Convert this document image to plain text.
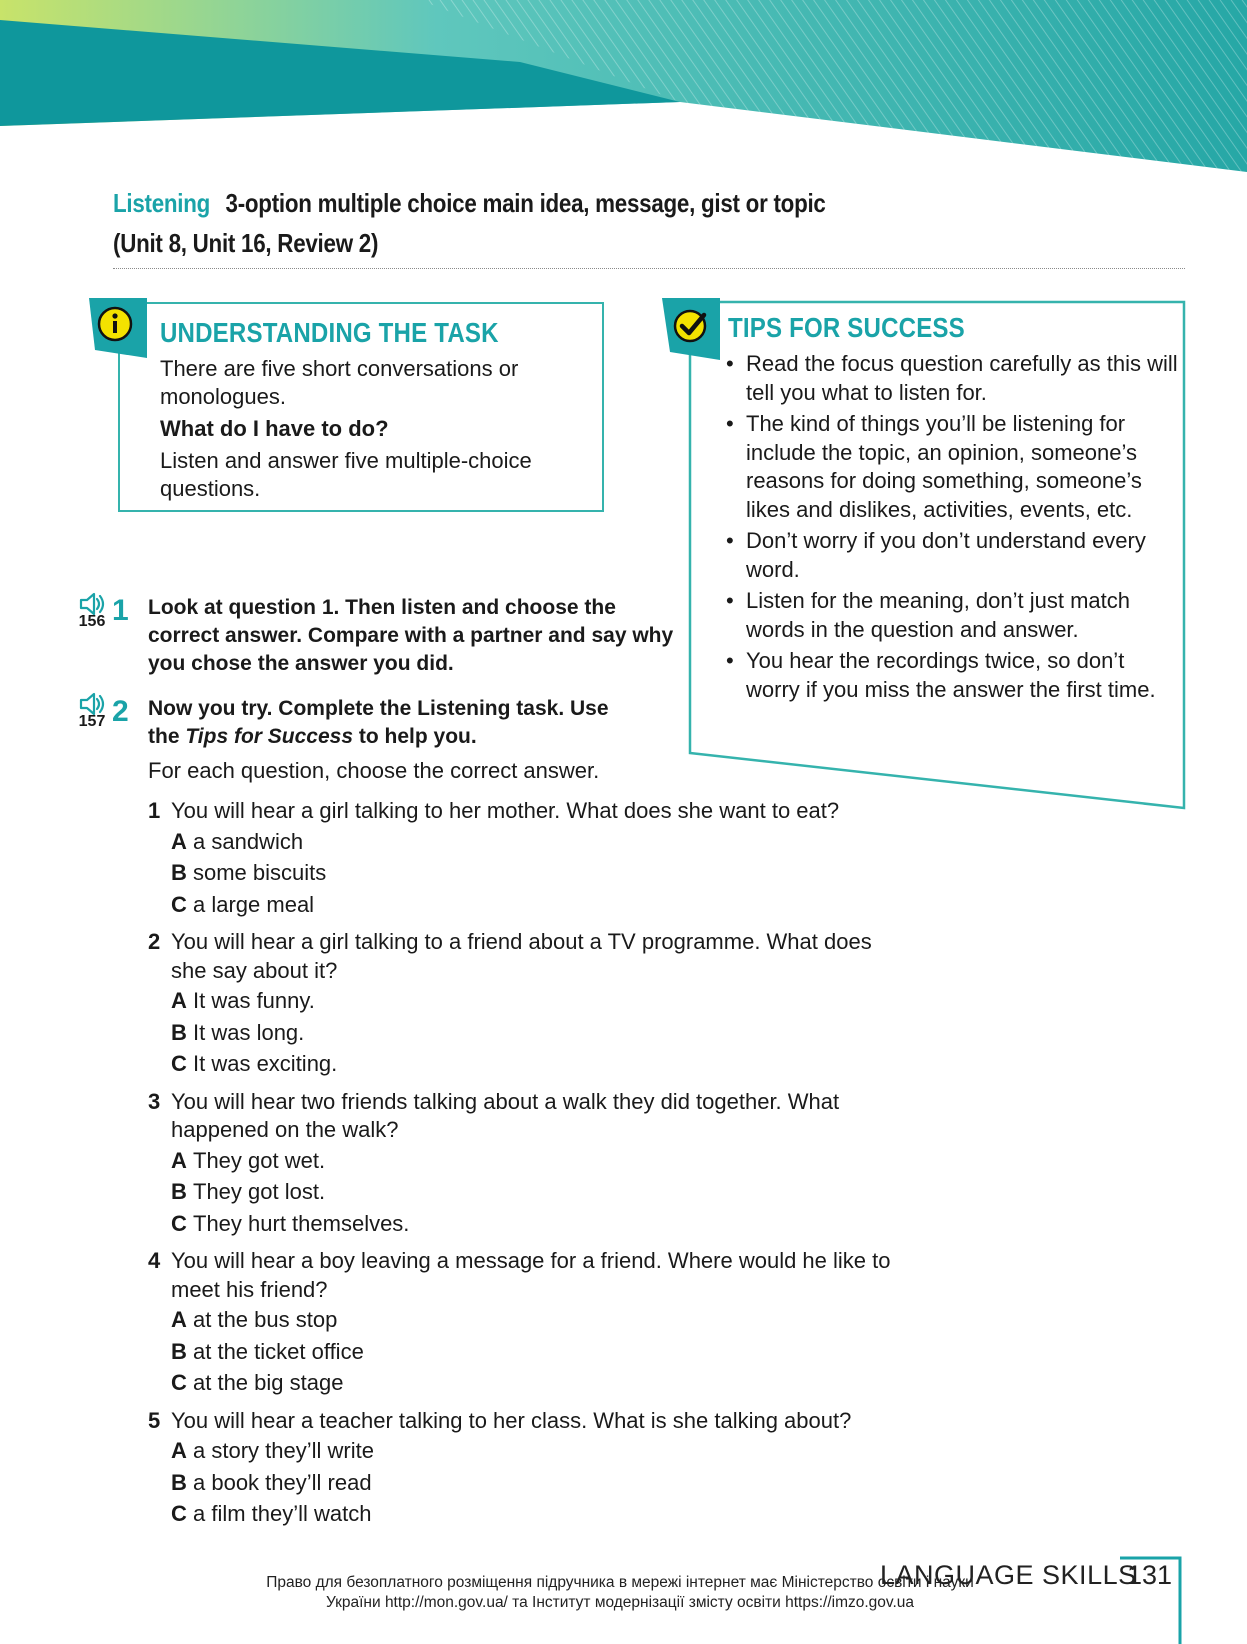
Listening 3-option multiple choice main idea, message, gist or topic
(Unit 8, Unit 16, Review 2)
UNDERSTANDING THE TASK

There are five short conversations or monologues.

What do I have to do?

Listen and answer five multiple-choice questions.

TIPS FOR SUCCESS
• Read the focus question carefully as this will tell you what to listen for.
• The kind of things you’ll be listening for include the topic, an opinion, someone’s reasons for doing something, someone’s likes and dislikes, activities, events, etc.
• Don’t worry if you don’t understand every word.
• Listen for the meaning, don’t just match words in the question and answer.
• You hear the recordings twice, so don’t worry if you miss the answer the first time.
156 1 Look at question 1. Then listen and choose the correct answer. Compare with a partner and say why you chose the answer you did.
157 2 Now you try. Complete the Listening task. Use the Tips for Success to help you.
For each question, choose the correct answer.
1 You will hear a girl talking to her mother. What does she want to eat?
A a sandwich
B some biscuits
C a large meal
2 You will hear a girl talking to a friend about a TV programme. What does she say about it?
A It was funny.
B It was long.
C It was exciting.
3 You will hear two friends talking about a walk they did together. What happened on the walk?
A They got wet.
B They got lost.
C They hurt themselves.
4 You will hear a boy leaving a message for a friend. Where would he like to meet his friend?
A at the bus stop
B at the ticket office
C at the big stage
5 You will hear a teacher talking to her class. What is she talking about?
A a story they’ll write
B a book they’ll read
C a film they’ll watch
LANGUAGE SKILLS
131
Право для безоплатного розміщення підручника в мережі інтернет має Міністерство освіти і науки
України http://mon.gov.ua/ та Інститут модернізації змісту освіти https://imzo.gov.ua
